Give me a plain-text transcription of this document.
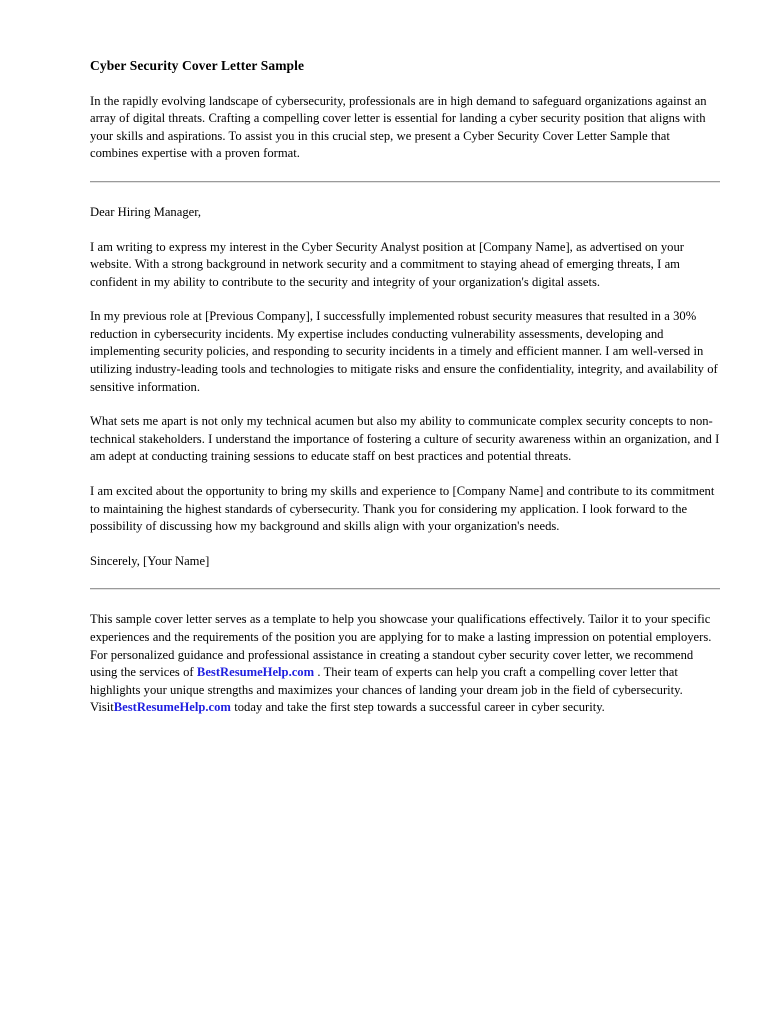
Cyber Security Cover Letter Sample

In the rapidly evolving landscape of cybersecurity, professionals are in high demand to safeguard organizations against an array of digital threats. Crafting a compelling cover letter is essential for landing a cyber security position that aligns with your skills and aspirations. To assist you in this crucial step, we present a Cyber Security Cover Letter Sample that combines expertise with a proven format.

Dear Hiring Manager,

I am writing to express my interest in the Cyber Security Analyst position at [Company Name], as advertised on your website. With a strong background in network security and a commitment to staying ahead of emerging threats, I am confident in my ability to contribute to the security and integrity of your organization's digital assets.

In my previous role at [Previous Company], I successfully implemented robust security measures that resulted in a 30% reduction in cybersecurity incidents. My expertise includes conducting vulnerability assessments, developing and implementing security policies, and responding to security incidents in a timely and efficient manner. I am well-versed in utilizing industry-leading tools and technologies to mitigate risks and ensure the confidentiality, integrity, and availability of sensitive information.

What sets me apart is not only my technical acumen but also my ability to communicate complex security concepts to non-technical stakeholders. I understand the importance of fostering a culture of security awareness within an organization, and I am adept at conducting training sessions to educate staff on best practices and potential threats.

I am excited about the opportunity to bring my skills and experience to [Company Name] and contribute to its commitment to maintaining the highest standards of cybersecurity. Thank you for considering my application. I look forward to the possibility of discussing how my background and skills align with your organization's needs.

Sincerely, [Your Name]

This sample cover letter serves as a template to help you showcase your qualifications effectively. Tailor it to your specific experiences and the requirements of the position you are applying for to make a lasting impression on potential employers. For personalized guidance and professional assistance in creating a standout cyber security cover letter, we recommend using the services of BestResumeHelp.com . Their team of experts can help you craft a compelling cover letter that highlights your unique strengths and maximizes your chances of landing your dream job in the field of cybersecurity. VisitBestResumeHelp.com today and take the first step towards a successful career in cyber security.
